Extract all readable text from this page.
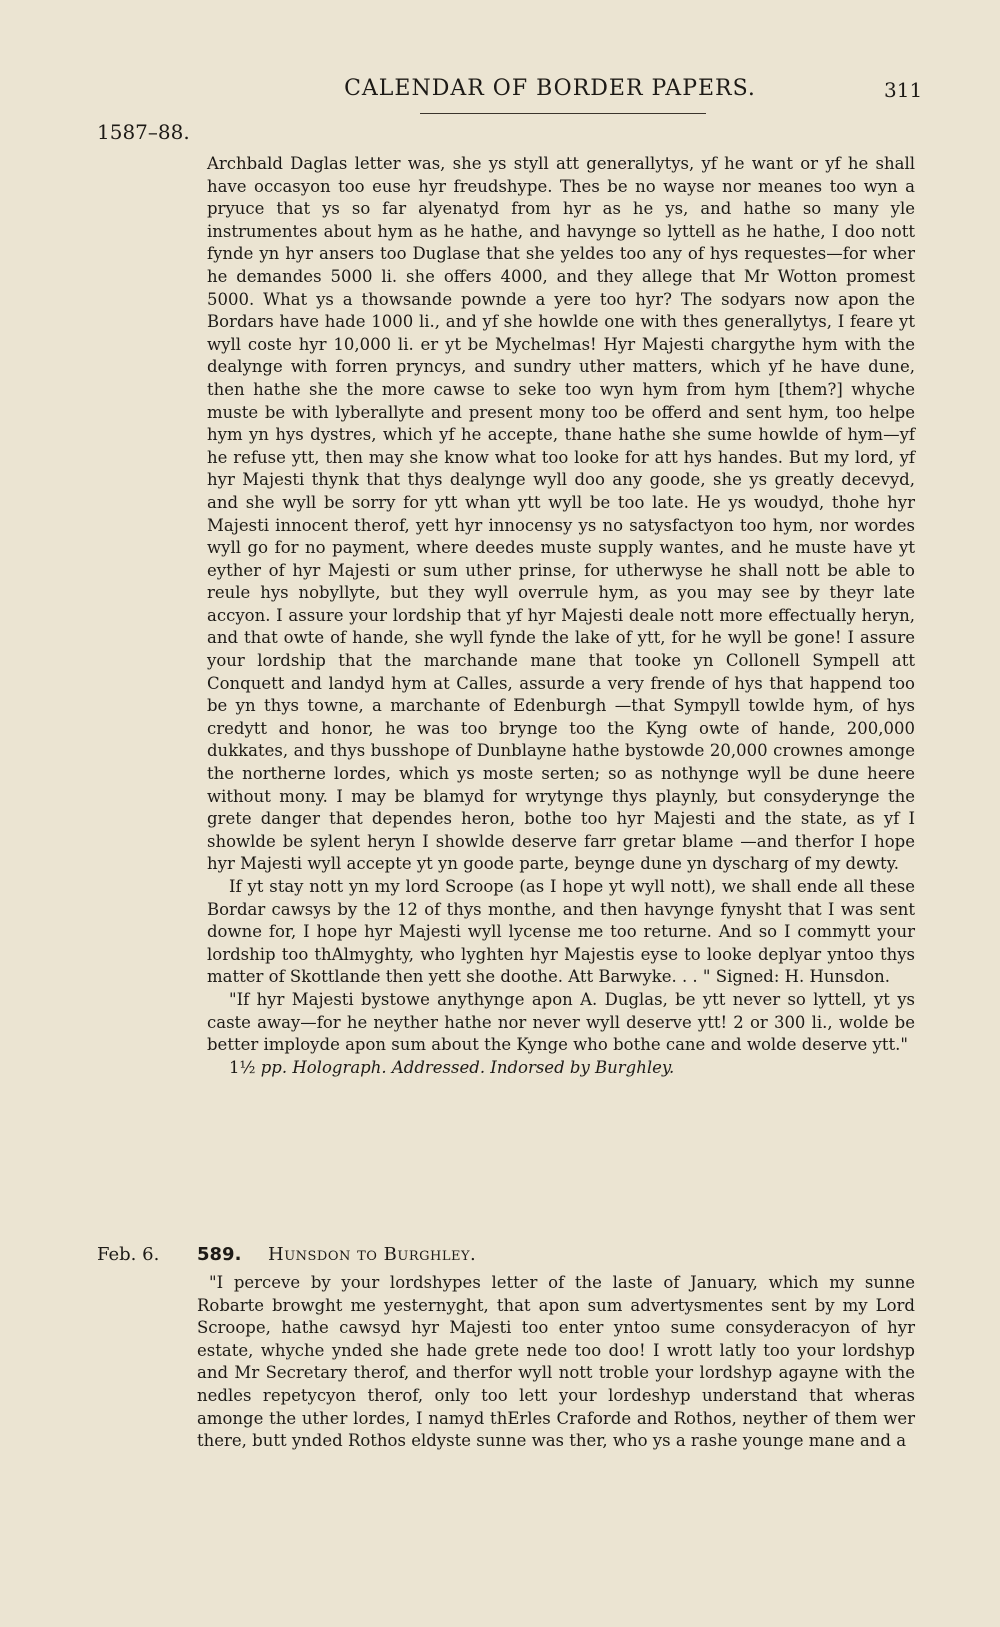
CALENDAR OF BORDER PAPERS.	311
1587–88.

Archbald Daglas letter was, she ys styll att generallytys, yf he want or yf he shall have occasyon too euse hyr freudshype. Thes be no wayse nor meanes too wyn a pryuce that ys so far alyenatyd from hyr as he ys, and hathe so many yle instrumentes about hym as he hathe, and havynge so lyttell as he hathe, I doo nott fynde yn hyr ansers too Duglase that she yeldes too any of hys requestes—for wher he demandes 5000 li. she offers 4000, and they allege that Mr Wotton promest 5000. What ys a thowsande pownde a yere too hyr? The sodyars now apon the Bordars have hade 1000 li., and yf she howlde one with thes generallytys, I feare yt wyll coste hyr 10,000 li. er yt be Mychelmas! Hyr Majesti chargythe hym with the dealynge with forren pryncys, and sundry uther matters, which yf he have dune, then hathe she the more cawse to seke too wyn hym from hym [them?] whyche muste be with lyberallyte and present mony too be offerd and sent hym, too helpe hym yn hys dystres, which yf he accepte, thane hathe she sume howlde of hym—yf he refuse ytt, then may she know what too looke for att hys handes. But my lord, yf hyr Majesti thynk that thys dealynge wyll doo any goode, she ys greatly decevyd, and she wyll be sorry for ytt whan ytt wyll be too late. He ys woudyd, thohe hyr Majesti innocent therof, yett hyr innocensy ys no satysfactyon too hym, nor wordes wyll go for no payment, where deedes muste supply wantes, and he muste have yt eyther of hyr Majesti or sum uther prinse, for utherwyse he shall nott be able to reule hys nobyllyte, but they wyll overrule hym, as you may see by theyr late accyon. I assure your lordship that yf hyr Majesti deale nott more effectually heryn, and that owte of hande, she wyll fynde the lake of ytt, for he wyll be gone! I assure your lordship that the marchande mane that tooke yn Collonell Sympell att Conquett and landyd hym at Calles, assurde a very frende of hys that happend too be yn thys towne, a marchante of Edenburgh —that Sympyll towlde hym, of hys credytt and honor, he was too brynge too the Kyng owte of hande, 200,000 dukkates, and thys busshope of Dunblayne hathe bystowde 20,000 crownes amonge the northerne lordes, which ys moste serten; so as nothynge wyll be dune heere without mony. I may be blamyd for wrytynge thys playnly, but consyderynge the grete danger that dependes heron, bothe too hyr Majesti and the state, as yf I showlde be sylent heryn I showlde deserve farr gretar blame —and therfor I hope hyr Majesti wyll accepte yt yn goode parte, beynge dune yn dyscharg of my dewty.

If yt stay nott yn my lord Scroope (as I hope yt wyll nott), we shall ende all these Bordar cawsys by the 12 of thys monthe, and then havynge fynysht that I was sent downe for, I hope hyr Majesti wyll lycense me too returne. And so I commytt your lordship too thAlmyghty, who lyghten hyr Majestis eyse to looke deplyar yntoo thys matter of Skottlande then yett she doothe. Att Barwyke. . . " Signed: H. Hunsdon.

"If hyr Majesti bystowe anythynge apon A. Duglas, be ytt never so lyttell, yt ys caste away—for he neyther hathe nor never wyll deserve ytt! 2 or 300 li., wolde be better imployde apon sum about the Kynge who bothe cane and wolde deserve ytt."

1½ pp. Holograph. Addressed. Indorsed by Burghley.

Feb. 6. 589. Hunsdon to Burghley.

"I perceve by your lordshypes letter of the laste of January, which my sunne Robarte browght me yesternyght, that apon sum advertysmentes sent by my Lord Scroope, hathe cawsyd hyr Majesti too enter yntoo sume consyderacyon of hyr estate, whyche ynded she hade grete nede too doo! I wrott latly too your lordshyp and Mr Secretary therof, and therfor wyll nott troble your lordshyp agayne with the nedles repetycyon therof, only too lett your lordeshyp understand that wheras amonge the uther lordes, I namyd thErles Craforde and Rothos, neyther of them wer there, butt ynded Rothos eldyste sunne was ther, who ys a rashe younge mane and a
